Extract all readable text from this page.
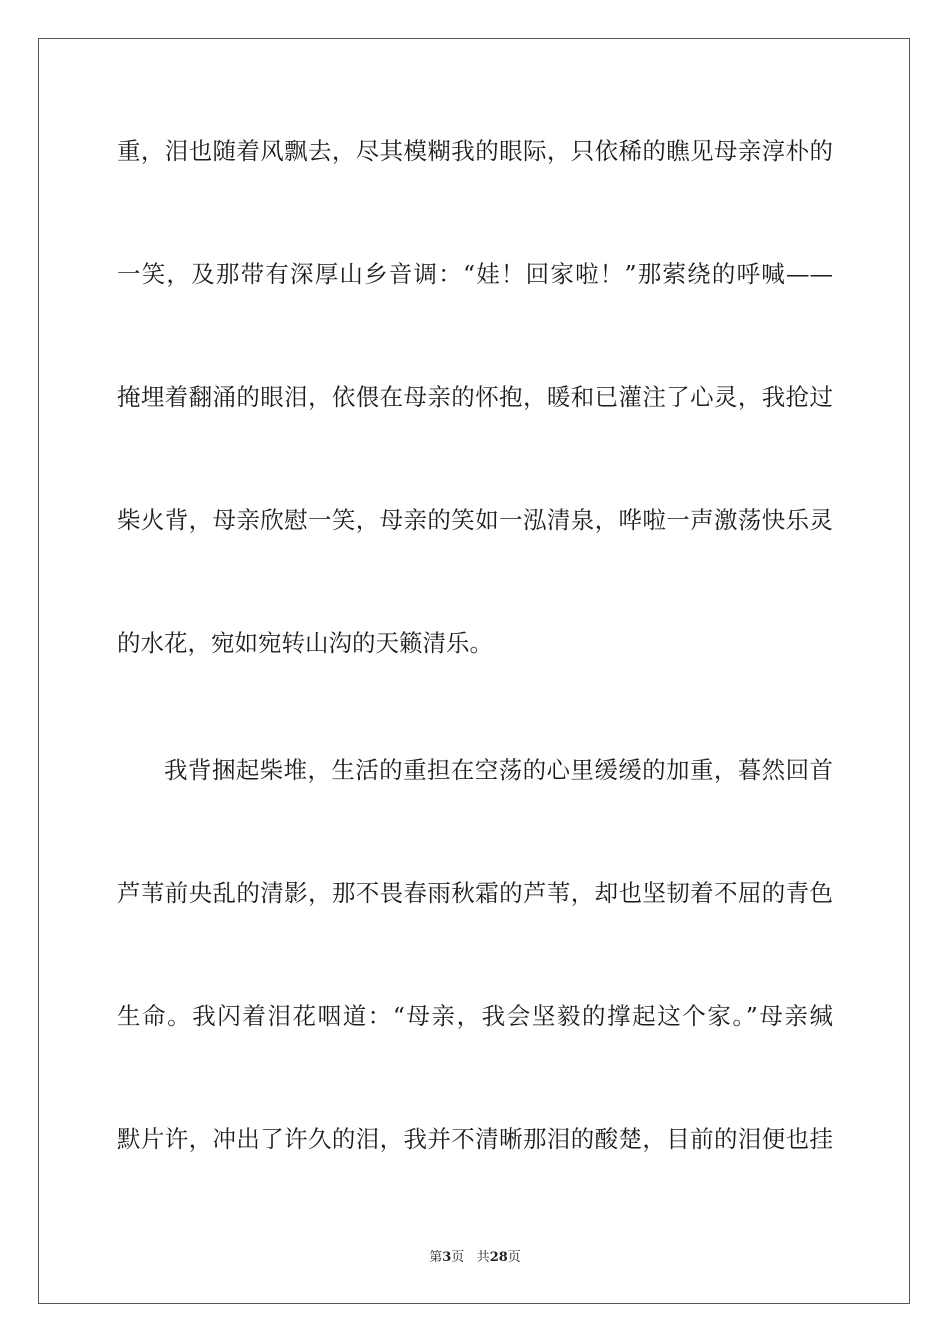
重，泪也随着风飘去，尽其模糊我的眼际，只依稀的瞧见母亲淳朴的
一笑，及那带有深厚山乡音调：“娃！回家啦！”那萦绕的呼喊——
掩埋着翻涌的眼泪，依偎在母亲的怀抱，暖和已灌注了心灵，我抢过
柴火背，母亲欣慰一笑，母亲的笑如一泓清泉，哗啦一声激荡快乐灵
的水花，宛如宛转山沟的天籁清乐。
我背捆起柴堆，生活的重担在空荡的心里缓缓的加重，暮然回首
芦苇前央乱的清影，那不畏春雨秋霜的芦苇，却也坚韧着不屈的青色
生命。我闪着泪花咽道：“母亲，我会坚毅的撑起这个家。”母亲缄
默片许，冲出了许久的泪，我并不清晰那泪的酸楚，目前的泪便也挂
第3页 共28页
